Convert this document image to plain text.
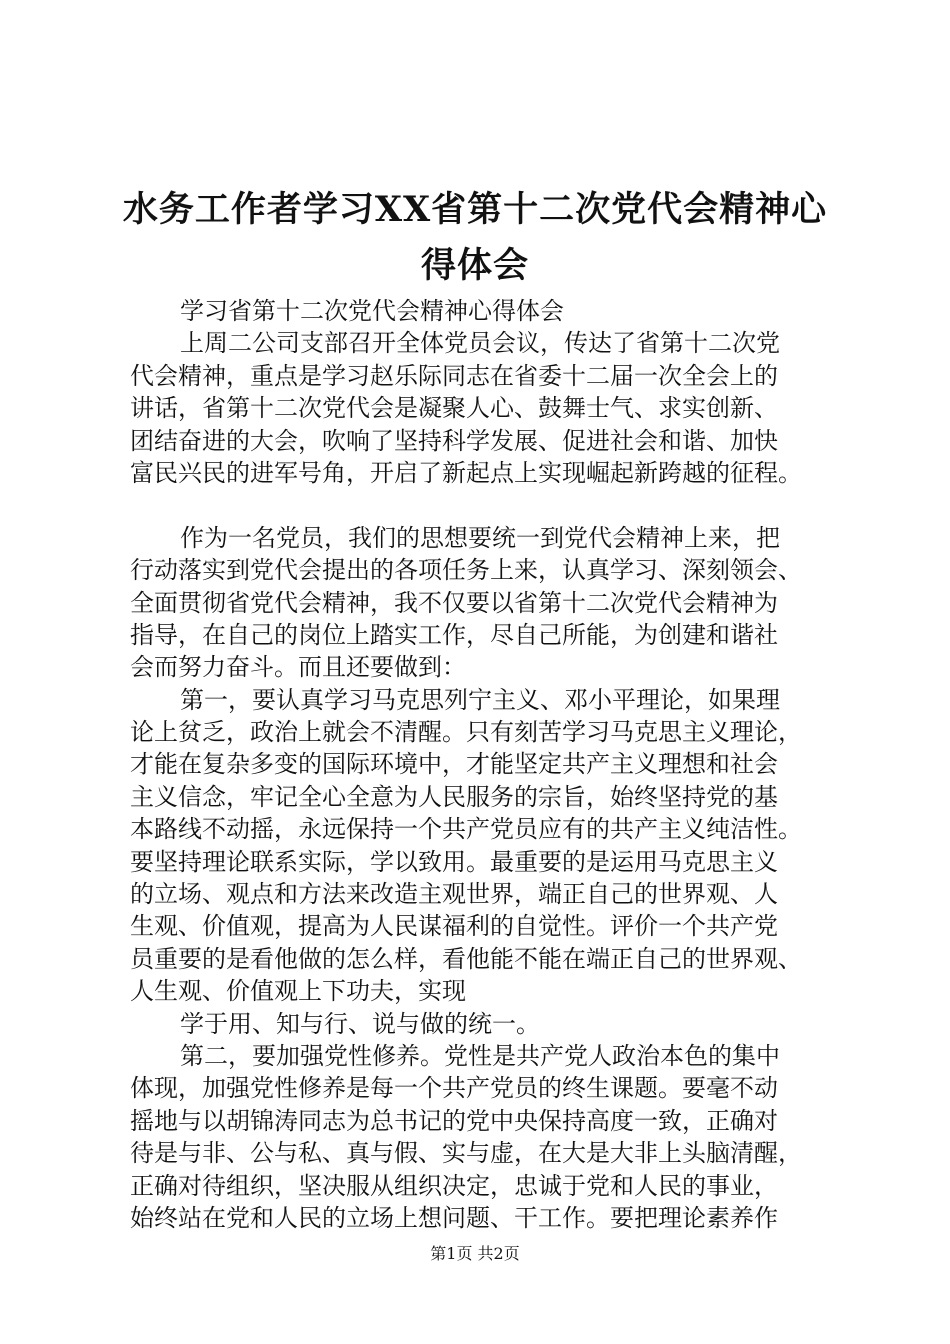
水务工作者学习XX省第十二次党代会精神心
得体会
学习省第十二次党代会精神心得体会
上周二公司支部召开全体党员会议，传达了省第十二次党
代会精神，重点是学习赵乐际同志在省委十二届一次全会上的
讲话，省第十二次党代会是凝聚人心、鼓舞士气、求实创新、
团结奋进的大会，吹响了坚持科学发展、促进社会和谐、加快
富民兴民的进军号角，开启了新起点上实现崛起新跨越的征程。
作为一名党员，我们的思想要统一到党代会精神上来，把
行动落实到党代会提出的各项任务上来，认真学习、深刻领会、
全面贯彻省党代会精神，我不仅要以省第十二次党代会精神为
指导，在自己的岗位上踏实工作，尽自己所能，为创建和谐社
会而努力奋斗。而且还要做到：
第一，要认真学习马克思列宁主义、邓小平理论，如果理
论上贫乏，政治上就会不清醒。只有刻苦学习马克思主义理论，
才能在复杂多变的国际环境中，才能坚定共产主义理想和社会
主义信念，牢记全心全意为人民服务的宗旨，始终坚持党的基
本路线不动摇，永远保持一个共产党员应有的共产主义纯洁性。
要坚持理论联系实际，学以致用。最重要的是运用马克思主义
的立场、观点和方法来改造主观世界，端正自己的世界观、人
生观、价值观，提高为人民谋福利的自觉性。评价一个共产党
员重要的是看他做的怎么样，看他能不能在端正自己的世界观、
人生观、价值观上下功夫，实现
学于用、知与行、说与做的统一。
第二，要加强党性修养。党性是共产党人政治本色的集中
体现，加强党性修养是每一个共产党员的终生课题。要毫不动
摇地与以胡锦涛同志为总书记的党中央保持高度一致，正确对
待是与非、公与私、真与假、实与虚，在大是大非上头脑清醒，
正确对待组织，坚决服从组织决定，忠诚于党和人民的事业，
始终站在党和人民的立场上想问题、干工作。要把理论素养作
第1页 共2页
